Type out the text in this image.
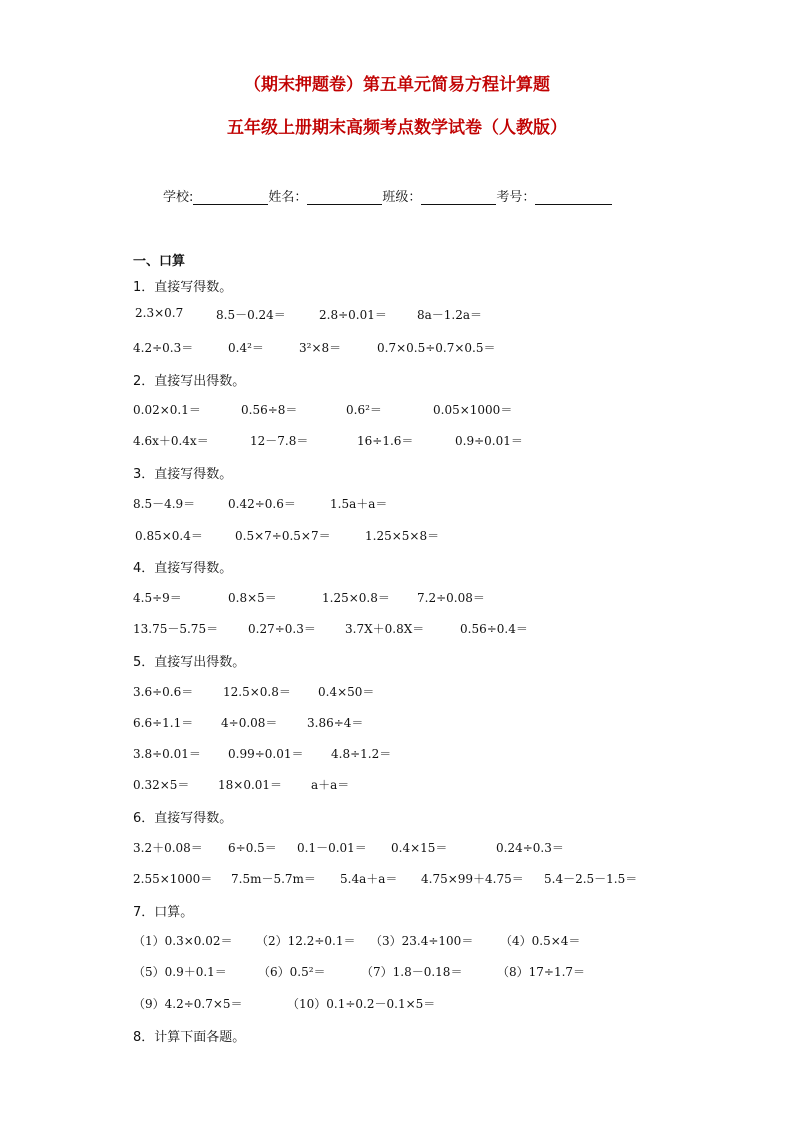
（期末押题卷）第五单元简易方程计算题
五年级上册期末高频考点数学试卷（人教版）
学校:	姓名：	班级：	考号：
一、口算
1．直接写得数。
2.3×0.7	8.5－0.24＝	2.8÷0.01＝	8a－1.2a＝
4.2÷0.3＝	0.4²＝	3²×8＝	0.7×0.5÷0.7×0.5＝
2．直接写出得数。
0.02×0.1＝	0.56÷8＝	0.6²＝	0.05×1000＝
4.6x＋0.4x＝	12－7.8＝	16÷1.6＝	0.9÷0.01＝
3．直接写得数。
8.5－4.9＝	0.42÷0.6＝	1.5a＋a＝
0.85×0.4＝	0.5×7÷0.5×7＝	1.25×5×8＝
4．直接写得数。
4.5÷9＝	0.8×5＝	1.25×0.8＝ 7.2÷0.08＝
13.75－5.75＝ 0.27÷0.3＝ 3.7X＋0.8X＝	0.56÷0.4＝
5．直接写出得数。
3.6÷0.6＝ 12.5×0.8＝ 0.4×50＝
6.6÷1.1＝ 4÷0.08＝ 3.86÷4＝
3.8÷0.01＝ 0.99÷0.01＝ 4.8÷1.2＝
0.32×5＝ 18×0.01＝ a＋a＝
6．直接写得数。
3.2＋0.08＝ 6÷0.5＝ 0.1－0.01＝ 0.4×15＝	0.24÷0.3＝
2.55×1000＝ 7.5m－5.7m＝ 5.4a＋a＝ 4.75×99＋4.75＝ 5.4－2.5－1.5＝
7．口算。
（1）0.3×0.02＝ （2）12.2÷0.1＝ （3）23.4÷100＝ （4）0.5×4＝
（5）0.9＋0.1＝	（6）0.5²＝	（7）1.8－0.18＝	（8）17÷1.7＝
（9）4.2÷0.7×5＝	（10）0.1÷0.2－0.1×5＝
8．计算下面各题。
